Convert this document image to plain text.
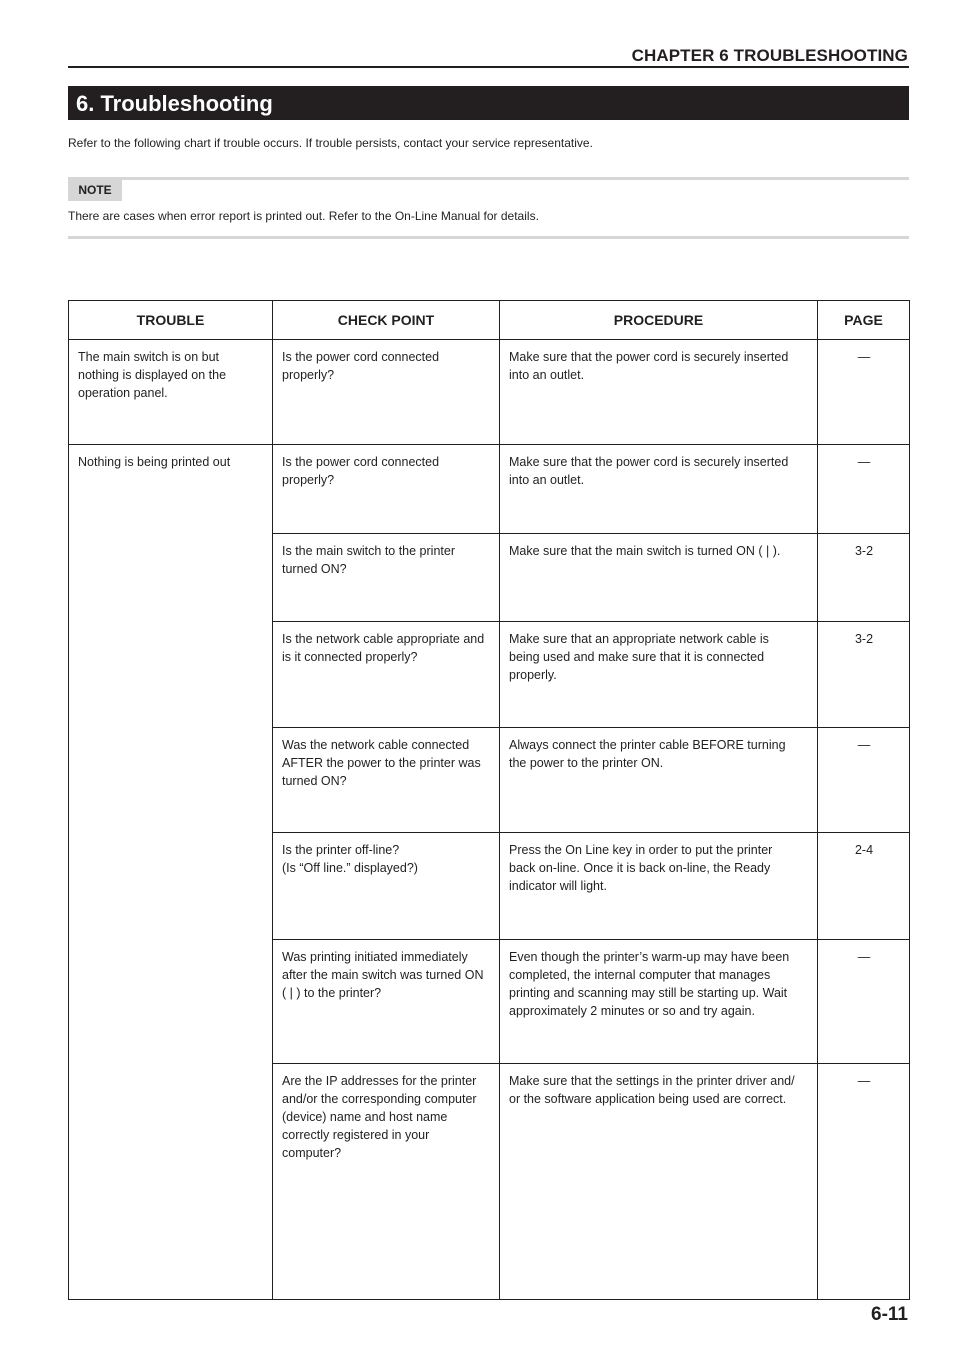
CHAPTER 6 TROUBLESHOOTING
6. Troubleshooting
Refer to the following chart if trouble occurs. If trouble persists, contact your service representative.
NOTE
There are cases when error report is printed out. Refer to the On-Line Manual for details.
TROUBLE	CHECK POINT	PROCEDURE	PAGE

The main switch is on but
nothing is displayed on the
operation panel.	Is the power cord connected
properly?	Make sure that the power cord is securely inserted
into an outlet.	—

Nothing is being printed out	Is the power cord connected
properly?	Make sure that the power cord is securely inserted
into an outlet.	—

	Is the main switch to the printer
turned ON?	Make sure that the main switch is turned ON ( | ).	3-2

	Is the network cable appropriate and
is it connected properly?	Make sure that an appropriate network cable is
being used and make sure that it is connected
properly.	3-2

	Was the network cable connected
AFTER the power to the printer was
turned ON?	Always connect the printer cable BEFORE turning
the power to the printer ON.	—

	Is the printer off-line?
(Is “Off line.” displayed?)	Press the On Line key in order to put the printer
back on-line. Once it is back on-line, the Ready
indicator will light.	2-4

	Was printing initiated immediately
after the main switch was turned ON
( | ) to the printer?	Even though the printer’s warm-up may have been
completed, the internal computer that manages
printing and scanning may still be starting up. Wait
approximately 2 minutes or so and try again.	—

	Are the IP addresses for the printer
and/or the corresponding computer
(device) name and host name
correctly registered in your
computer?	Make sure that the settings in the printer driver and/
or the software application being used are correct.	—
6-11
